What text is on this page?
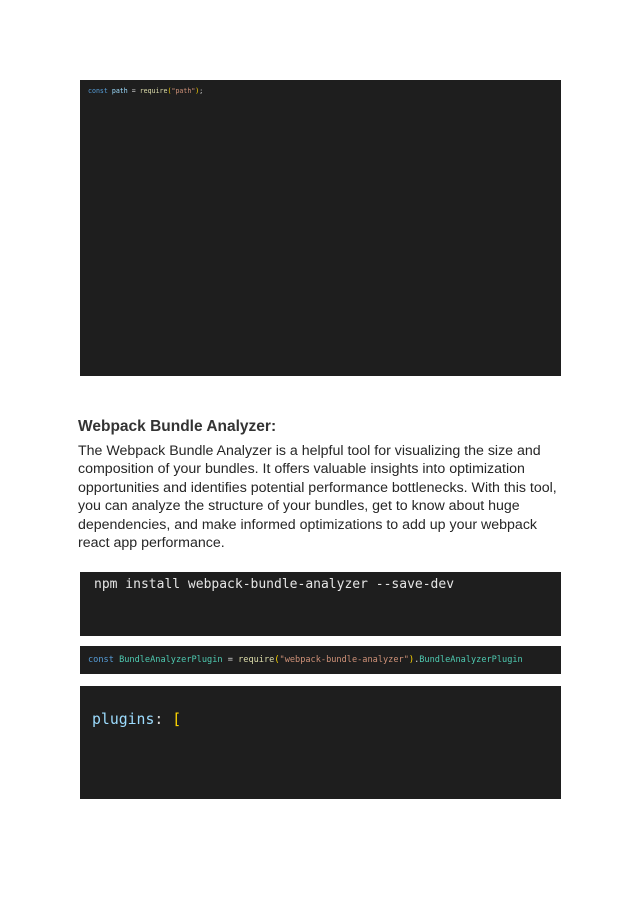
const path = require("path");

Webpack Bundle Analyzer:

The Webpack Bundle Analyzer is a helpful tool for visualizing the size and composition of your bundles. It offers valuable insights into optimization opportunities and identifies potential performance bottlenecks. With this tool, you can analyze the structure of your bundles, get to know about huge dependencies, and make informed optimizations to add up your webpack react app performance.

npm install webpack-bundle-analyzer --save-dev
const BundleAnalyzerPlugin = require("webpack-bundle-analyzer").BundleAnalyzerPlugin
plugins: [
